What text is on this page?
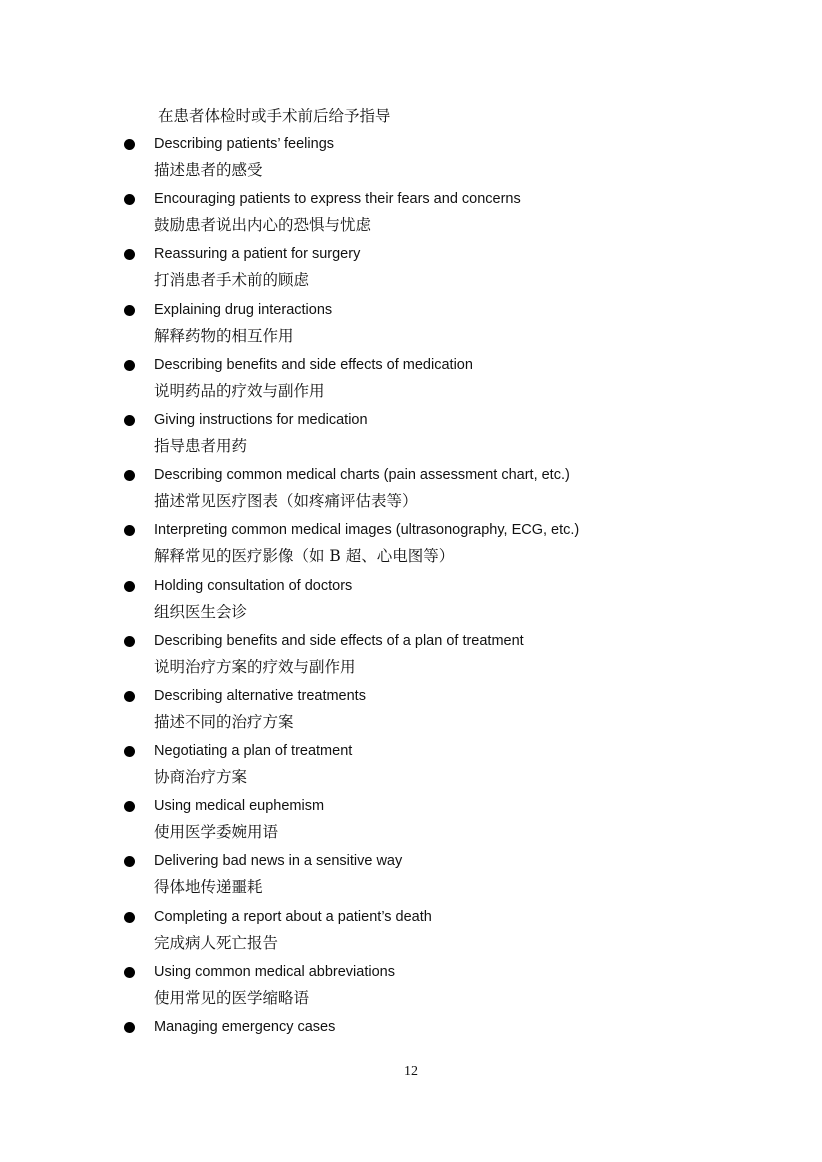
在患者体检时或手术前后给予指导
Describing patients’ feelings
描述患者的感受
Encouraging patients to express their fears and concerns
鼓励患者说出内心的恐惧与忧虑
Reassuring a patient for surgery
打消患者手术前的顾虑
Explaining drug interactions
解释药物的相互作用
Describing benefits and side effects of medication
说明药品的疗效与副作用
Giving instructions for medication
指导患者用药
Describing common medical charts (pain assessment chart, etc.)
描述常见医疗图表（如疼痛评估表等）
Interpreting common medical images (ultrasonography, ECG, etc.)
解释常见的医疗影像（如 B 超、心电图等）
Holding consultation of doctors
组织医生会诊
Describing benefits and side effects of a plan of treatment
说明治疗方案的疗效与副作用
Describing alternative treatments
描述不同的治疗方案
Negotiating a plan of treatment
协商治疗方案
Using medical euphemism
使用医学委婉用语
Delivering bad news in a sensitive way
得体地传递噩耗
Completing a report about a patient’s death
完成病人死亡报告
Using common medical abbreviations
使用常见的医学缩略语
Managing emergency cases
12
